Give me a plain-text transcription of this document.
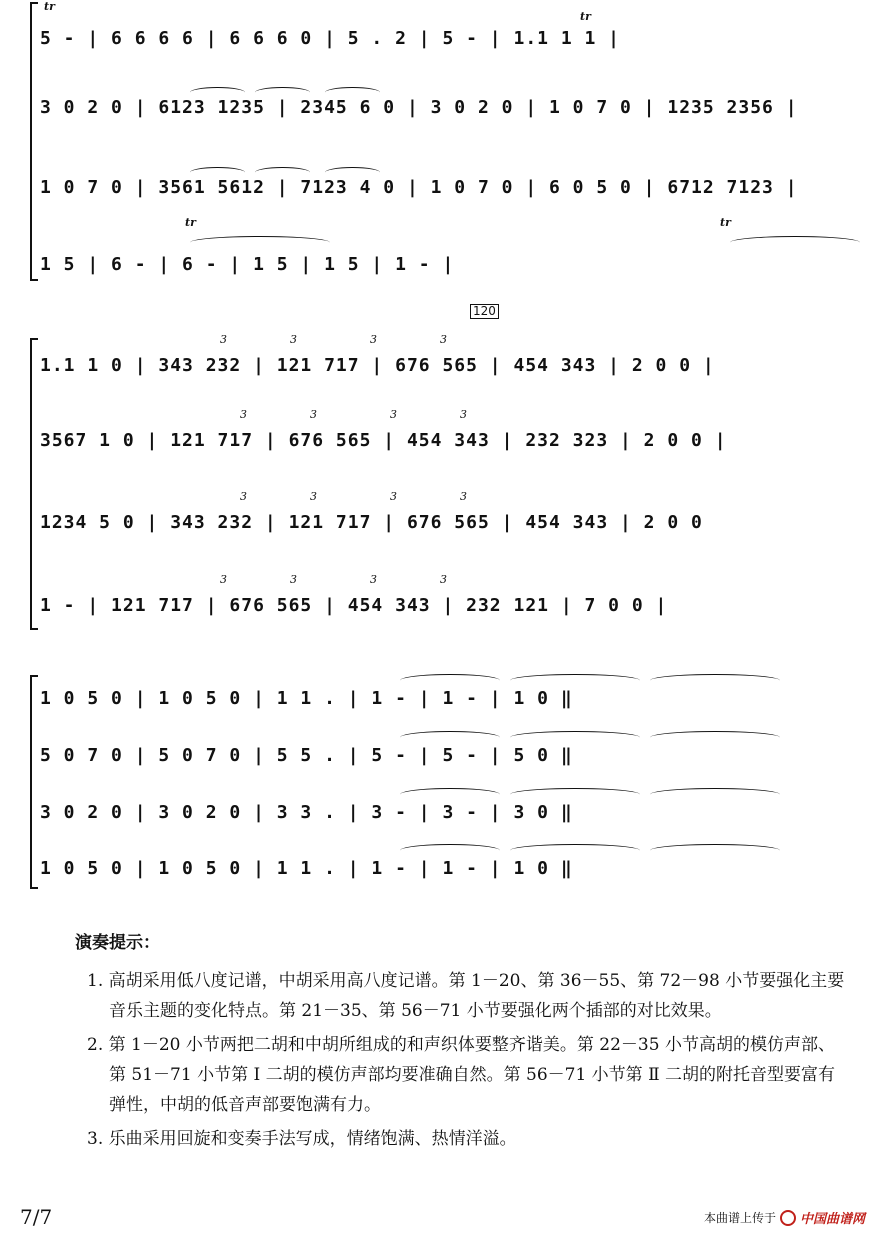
tr
tr
5 - | 6 6 6 6 | 6 6 6 0 | 5 . 2 | 5 - | 1.1 1 1 |
3 0 2 0 | 6123 1235 | 2345 6 0 | 3 0 2 0 | 1 0 7 0 | 1235 2356 |
1 0 7 0 | 3561 5612 | 7123 4 0 | 1 0 7 0 | 6 0 5 0 | 6712 7123 |
tr	tr
1 5 | 6 - | 6 - | 1 5 | 1 5 | 1 - |
120
3	3	3	3
1.1 1 0 | 343 232 | 121 717 | 676 565 | 454 343 | 2 0 0 |
3	3	3	3
3567 1 0 | 121 717 | 676 565 | 454 343 | 232 323 | 2 0 0 |
3	3	3	3
1234 5 0 | 343 232 | 121 717 | 676 565 | 454 343 | 2 0 0
3	3	3	3
1 - | 121 717 | 676 565 | 454 343 | 232 121 | 7 0 0 |
1 0 5 0 | 1 0 5 0 | 1 1 . | 1 - | 1 - | 1 0 ‖
5 0 7 0 | 5 0 7 0 | 5 5 . | 5 - | 5 - | 5 0 ‖
3 0 2 0 | 3 0 2 0 | 3 3 . | 3 - | 3 - | 3 0 ‖
1 0 5 0 | 1 0 5 0 | 1 1 . | 1 - | 1 - | 1 0 ‖
演奏提示：
1. 高胡采用低八度记谱，中胡采用高八度记谱。第 1－20、第 36－55、第 72－98 小节要强化主要音乐主题的变化特点。第 21－35、第 56－71 小节要强化两个插部的对比效果。
2. 第 1－20 小节两把二胡和中胡所组成的和声织体要整齐谐美。第 22－35 小节高胡的模仿声部、第 51－71 小节第 Ⅰ 二胡的模仿声部均要准确自然。第 56－71 小节第 Ⅱ 二胡的附托音型要富有弹性，中胡的低音声部要饱满有力。
3. 乐曲采用回旋和变奏手法写成，情绪饱满、热情洋溢。
7/7	本曲谱上传于 中国曲谱网
